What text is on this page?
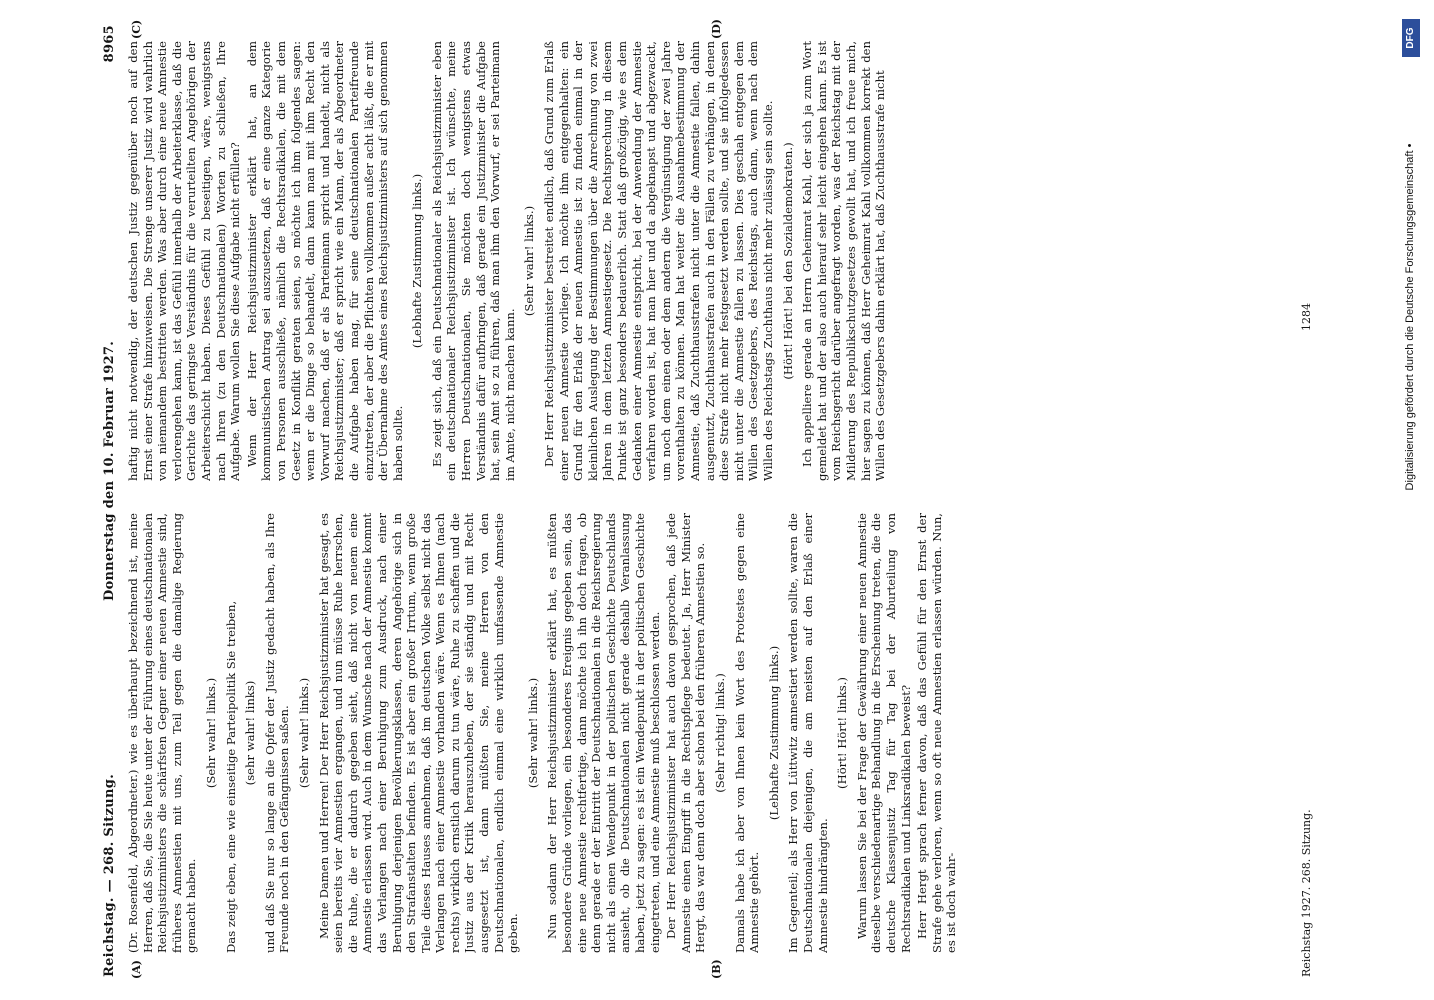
Reichstag. — 268. Sitzung.
Donnerstag den 10. Februar 1927.
8965
(A)	(B)
(C)	(D)

(Dr. Rosenfeld, Abgeordneter.) wie es überhaupt bezeichnend ist, meine Herren, daß Sie, die Sie heute unter der Führung eines deutschnationalen Reichsjustizministers die schärfsten Gegner einer neuen Amnestie sind, früheres Amnestien mit uns, zum Teil gegen die damalige Regierung gemacht haben.

(Sehr wahr! links.) Das zeigt eben, eine wie einseitige Parteipolitik Sie treiben, (sehr wahr! links) und daß Sie nur so lange an die Opfer der Justiz gedacht haben, als Ihre Freunde noch in den Gefängnissen saßen. (Sehr wahr! links.) Meine Damen und Herren! Der Herr Reichsjustizminister hat gesagt, es seien bereits vier Amnestien ergangen, und nun müsse Ruhe herrschen, die Ruhe, die er dadurch gegeben sieht, daß nicht von neuem eine Amnestie erlassen wird. Auch in dem Wunsche nach der Amnestie kommt das Verlangen nach einer Beruhigung zum Ausdruck, nach einer Beruhigung derjenigen Bevölkerungsklassen, deren Angehörige sich in den Strafanstalten befinden. Es ist aber ein großer Irrtum, wenn große Teile dieses Hauses annehmen, daß im deutschen Volke selbst nicht das Verlangen nach einer Amnestie vorhanden wäre. Wenn es Ihnen (nach rechts) wirklich ernstlich darum zu tun wäre, Ruhe zu schaffen und die Justiz aus der Kritik herauszuheben, der sie ständig und mit Recht ausgesetzt ist, dann müßten Sie, meine Herren von den Deutschnationalen, endlich einmal eine wirklich umfassende Amnestie geben.

(Sehr wahr! links.) Nun sodann der Herr Reichsjustizminister erklärt hat, es müßten besondere Gründe vorliegen, ein besonderes Ereignis gegeben sein, das eine neue Amnestie rechtfertige, dann möchte ich ihn doch fragen, ob denn gerade er der Eintritt der Deutschnationalen in die Reichsregierung nicht als einen Wendepunkt in der politischen Geschichte Deutschlands ansieht, ob die Deutschnationalen nicht gerade deshalb Veranlassung haben, jetzt zu sagen: es ist ein Wendepunkt in der politischen Geschichte eingetreten, und eine Amnestie muß beschlossen werden. Der Herr Reichsjustizminister hat auch davon gesprochen, daß jede Amnestie einen Eingriff in die Rechtspflege bedeutet. Ja, Herr Minister Hergt, das war denn doch aber schon bei den früheren Amnestien so. (Sehr richtig! links.) Damals habe ich aber von Ihnen kein Wort des Protestes gegen eine Amnestie gehört.

(Lebhafte Zustimmung links.) Im Gegenteil; als Herr von Lüttwitz amnestiert werden sollte, waren die Deutschnationalen diejenigen, die am meisten auf den Erlaß einer Amnestie hindrängten.

(Hört! Hört! links.) Warum lassen Sie bei der Frage der Gewährung einer neuen Amnestie dieselbe verschiedenartige Behandlung in die Erscheinung treten, die die deutsche Klassenjustiz Tag für Tag bei der Aburteilung von Rechtsradikalen und Linksradikalen beweist? Herr Hergt sprach ferner davon, daß das Gefühl für den Ernst der Strafe gehe verloren, wenn so oft neue Amnestien erlassen würden. Nun, es ist doch wahr-

haftig nicht notwendig, der deutschen Justiz gegenüber noch auf den Ernst einer Strafe hinzuweisen. Die Strenge unserer Justiz wird wahrlich von niemandem bestritten werden. Was aber durch eine neue Amnestie verlorengehen kann, ist das Gefühl innerhalb der Arbeiterklasse, daß die Gerichte das geringste Verständnis für die verurteilten Angehörigen der Arbeiterschicht haben. Dieses Gefühl zu beseitigen, wäre, wenigstens nach Ihren (zu den Deutschnationalen) Worten zu schließen, Ihre Aufgabe. Warum wollen Sie diese Aufgabe nicht erfüllen? Wenn der Herr Reichsjustizminister erklärt hat, an dem kommunistischen Antrag sei auszusetzen, daß er eine ganze Kategorie von Personen ausschließe, nämlich die Rechtsradikalen, die mit dem Gesetz in Konflikt geraten seien, so möchte ich ihm folgendes sagen: wenn er die Dinge so behandelt, dann kann man mit ihm Recht den Vorwurf machen, daß er als Parteimann spricht und handelt, nicht als Reichsjustizminister; daß er spricht wie ein Mann, der als Abgeordneter die Aufgabe haben mag, für seine deutschnationalen Parteifreunde einzutreten, der aber die Pflichten vollkommen außer acht läßt, die er mit der Übernahme des Amtes eines Reichsjustizministers auf sich genommen haben sollte.

(Lebhafte Zustimmung links.) Es zeigt sich, daß ein Deutschnationaler als Reichsjustizminister eben ein deutschnationaler Reichsjustizminister ist. Ich wünschte, meine Herren Deutschnationalen, Sie möchten doch wenigstens etwas Verständnis dafür aufbringen, daß gerade ein Justizminister die Aufgabe hat, sein Amt so zu führen, daß man ihm den Vorwurf, er sei Parteimann im Amte, nicht machen kann.

(Sehr wahr! links.) Der Herr Reichsjustizminister bestreitet endlich, daß Grund zum Erlaß einer neuen Amnestie vorliege. Ich möchte ihm entgegenhalten: ein Grund für den Erlaß der neuen Amnestie ist zu finden einmal in der kleinlichen Auslegung der Bestimmungen über die Anrechnung von zwei Jahren in dem letzten Amnestiegesetz. Die Rechtsprechung in diesem Punkte ist ganz besonders bedauerlich. Statt daß großzügig, wie es dem Gedanken einer Amnestie entspricht, bei der Anwendung der Amnestie verfahren worden ist, hat man hier und da abgeknapst und abgezwackt, um noch dem einen oder dem andern die Vergünstigung der zwei Jahre vorenthalten zu können. Man hat weiter die Ausnahmebestimmung der Amnestie, daß Zuchthausstrafen nicht unter die Amnestie fallen, dahin ausgenutzt, Zuchthausstrafen auch in den Fällen zu verhängen, in denen diese Strafe nicht mehr festgesetzt werden sollte, und sie infolgedessen nicht unter die Amnestie fallen zu lassen. Dies geschah entgegen dem Willen des Gesetzgebers, des Reichstags, auch dann, wenn nach dem Willen des Reichstags Zuchthaus nicht mehr zulässig sein sollte. (Hört! Hört! bei den Sozialdemokraten.) Ich appelliere gerade an Herrn Geheimrat Kahl, der sich ja zum Wort gemeldet hat und der also auch hierauf sehr leicht eingehen kann. Es ist vom Reichsgericht darüber angefragt worden, was der Reichstag mit der Milderung des Republikschutzgesetzes gewollt hat, und ich freue mich, hier sagen zu können, daß Herr Geheimrat Kahl vollkommen korrekt den Willen des Gesetzgebers dahin erklärt hat, daß Zuchthausstrafe nicht

Reichstag 1927. 268. Sitzung.
1284
DFG
Digitalisierung gefördert durch die Deutsche Forschungsgemeinschaft •
